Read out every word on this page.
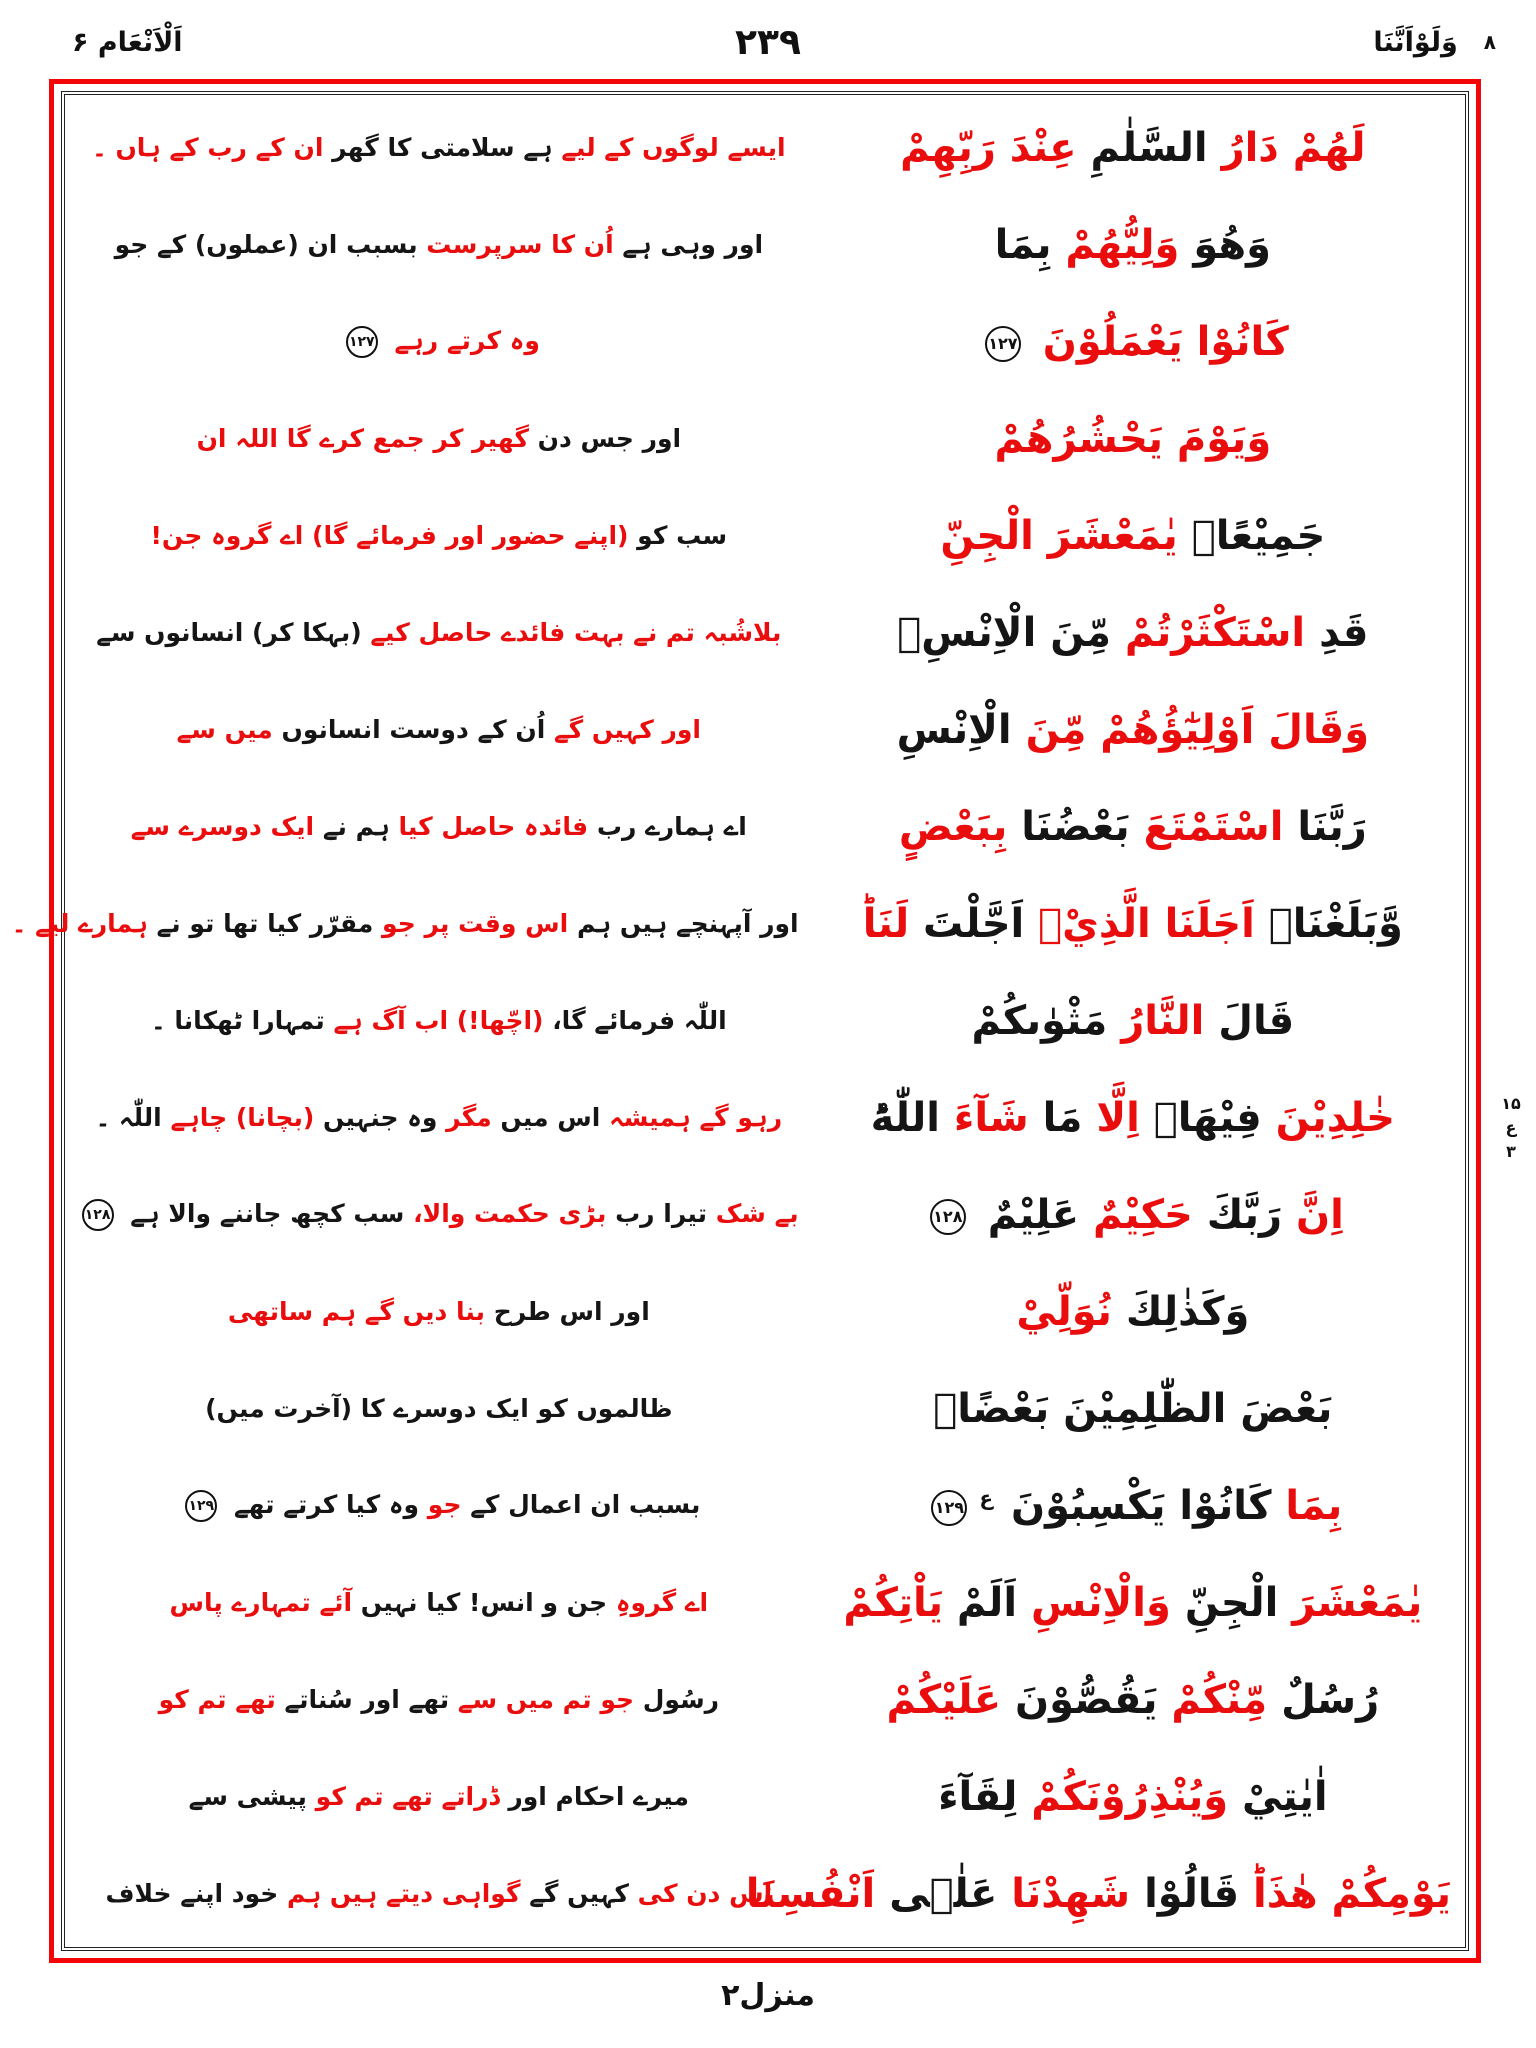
اَلْاَنْعَام ۶	۲۳۹	وَلَوْاَنَّنَا ۸
لَهُمْ دَارُ السَّلٰمِ عِنْدَ رَبِّهِمْ
ایسے لوگوں کے لیے ہے سلامتی کا گھر ان کے رب کے ہاں ۔
وَهُوَ وَلِيُّهُمْ بِمَا
اور وہی ہے اُن کا سرپرست بسبب ان (عملوں) کے جو
كَانُوْا يَعْمَلُوْنَ ۱۲۷
وہ کرتے رہے ۱۲۷
وَيَوْمَ يَحْشُرُهُمْ
اور جس دن گھیر کر جمع کرے گا اللہ ان
جَمِيْعًاۚ يٰمَعْشَرَ الْجِنِّ
سب کو (اپنے حضور اور فرمائے گا) اے گروہ جن!
قَدِ اسْتَكْثَرْتُمْ مِّنَ الْاِنْسِۚ
بلاشُبہ تم نے بہت فائدے حاصل کیے (بہکا کر) انسانوں سے
وَقَالَ اَوْلِيٰٓؤُهُمْ مِّنَ الْاِنْسِ
اور کہیں گے اُن کے دوست انسانوں میں سے
رَبَّنَا اسْتَمْتَعَ بَعْضُنَا بِبَعْضٍ
اے ہمارے رب فائدہ حاصل کیا ہم نے ایک دوسرے سے
وَّبَلَغْنَاۤ اَجَلَنَا الَّذِيْۤ اَجَّلْتَ لَنَاؕ
اور آپہنچے ہیں ہم اس وقت پر جو مقرّر کیا تھا تو نے ہمارے لیے ۔
قَالَ النَّارُ مَثْوٰىكُمْ
اللّٰہ فرمائے گا، (اچّھا!) اب آگ ہے تمہارا ٹھکانا ۔
خٰلِدِيْنَ فِيْهَاۤ اِلَّا مَا شَآءَ اللّٰهُؕ
رہو گے ہمیشہ اس میں مگر وہ جنہیں (بچانا) چاہے اللّٰہ ۔
اِنَّ رَبَّكَ حَكِيْمٌ عَلِيْمٌ ۱۲۸
بے شک تیرا رب بڑی حکمت والا، سب کچھ جاننے والا ہے ۱۲۸
وَكَذٰلِكَ نُوَلِّيْ
اور اس طرح بنا دیں گے ہم ساتھی
بَعْضَ الظّٰلِمِيْنَ بَعْضًاۢ
ظالموں کو ایک دوسرے کا (آخرت میں)
بِمَا كَانُوْا يَكْسِبُوْنَ $^ع$۱۲۹
بسبب ان اعمال کے جو وہ کیا کرتے تھے ۱۲۹
يٰمَعْشَرَ الْجِنِّ وَالْاِنْسِ اَلَمْ يَاْتِكُمْ
اے گروہِ جن و انس! کیا نہیں آئے تمہارے پاس
رُسُلٌ مِّنْكُمْ يَقُصُّوْنَ عَلَيْكُمْ
رسُول جو تم میں سے تھے اور سُناتے تھے تم کو
اٰيٰتِيْ وَيُنْذِرُوْنَكُمْ لِقَآءَ
میرے احکام اور ڈراتے تھے تم کو پیشی سے
يَوْمِكُمْ هٰذَاؕ قَالُوْا شَهِدْنَا عَلٰۤى اَنْفُسِنَا
اِس دن کی کہیں گے گواہی دیتے ہیں ہم خود اپنے خلاف
۱۵
ع
۳
منزل۲
